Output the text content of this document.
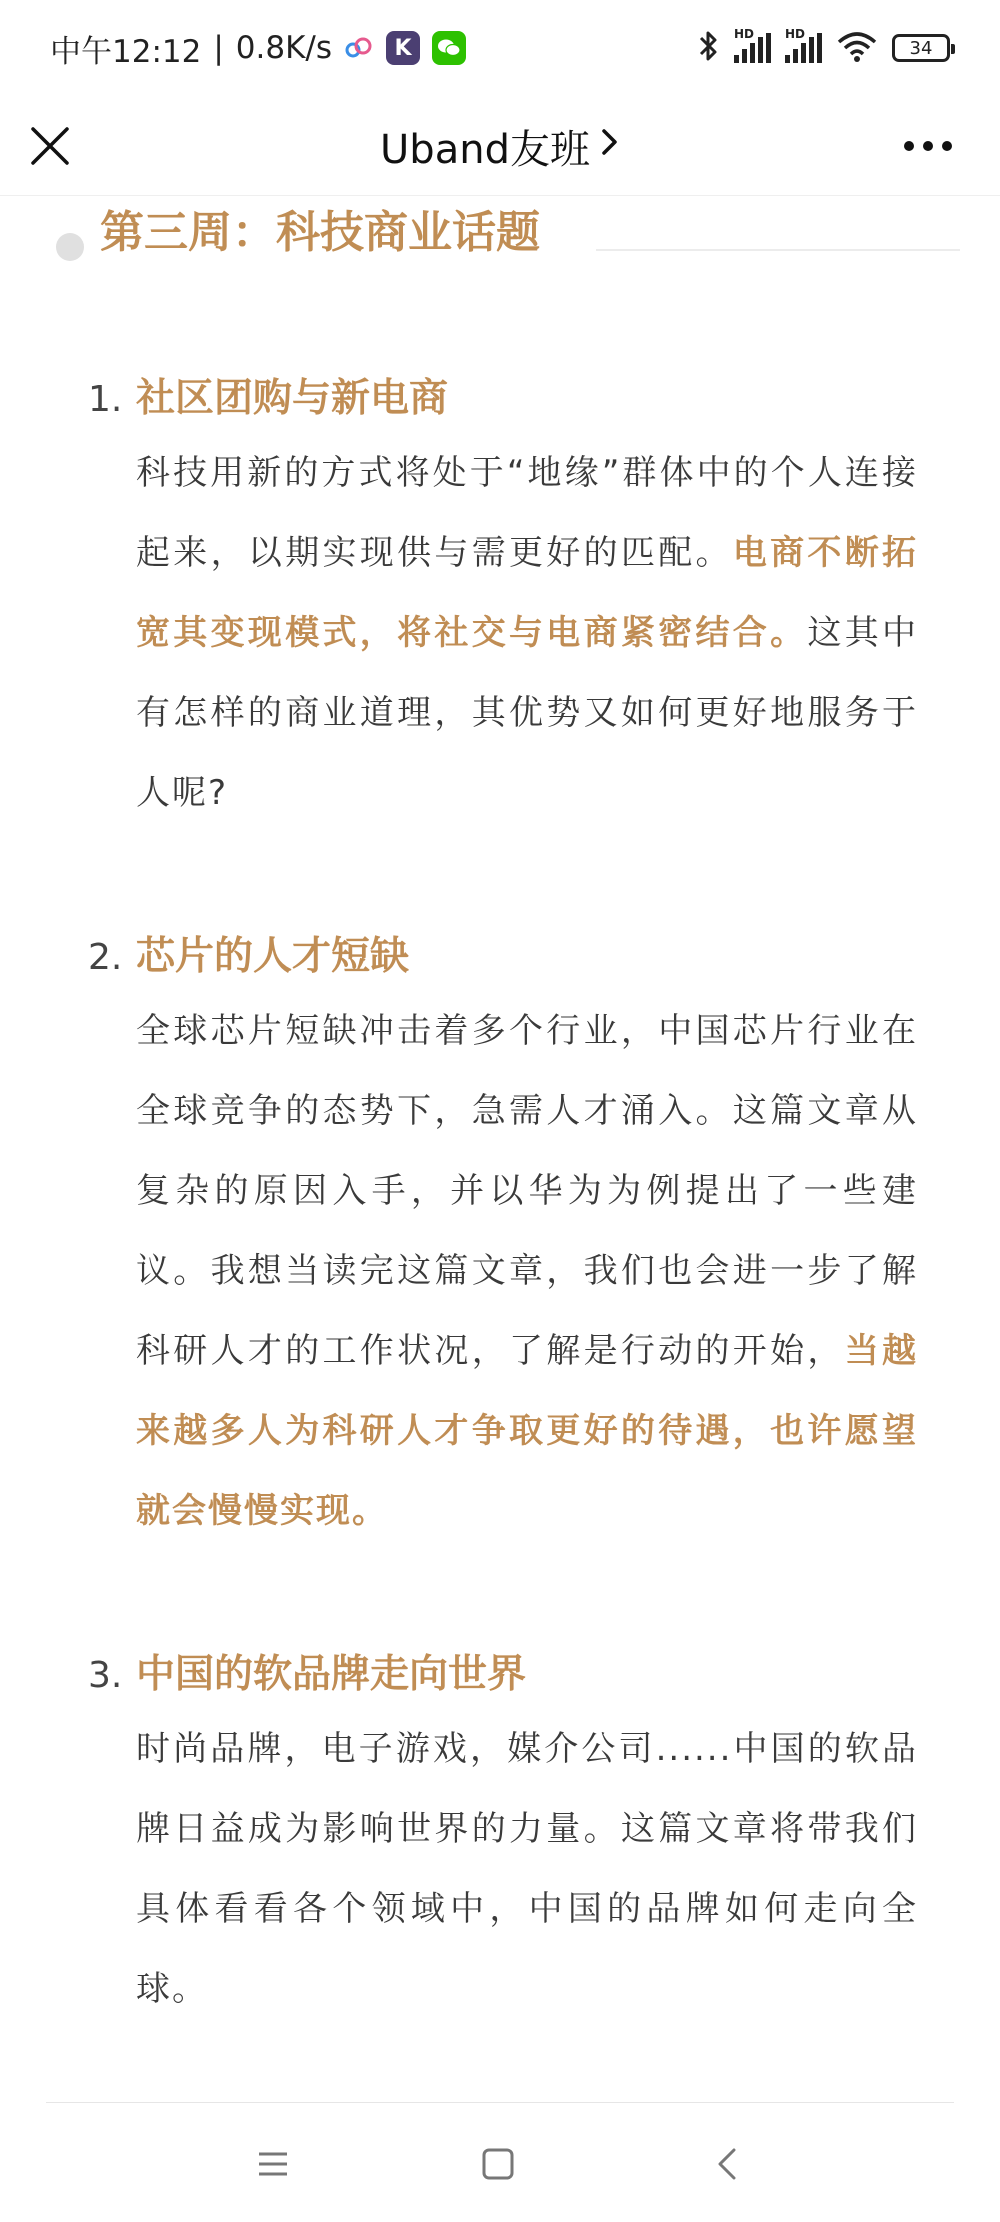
中午12:12 | 0.8K/s	K
HD	HD
34
Uband友班
第三周：科技商业话题
1. 社区团购与新电商
科技用新的方式将处于“地缘”群体中的个人连接起来，以期实现供与需更好的匹配。电商不断拓宽其变现模式，将社交与电商紧密结合。这其中有怎样的商业道理，其优势又如何更好地服务于人呢?
2. 芯片的人才短缺
全球芯片短缺冲击着多个行业，中国芯片行业在全球竞争的态势下，急需人才涌入。这篇文章从复杂的原因入手，并以华为为例提出了一些建议。我想当读完这篇文章，我们也会进一步了解科研人才的工作状况，了解是行动的开始，当越来越多人为科研人才争取更好的待遇，也许愿望就会慢慢实现。
3. 中国的软品牌走向世界
时尚品牌，电子游戏，媒介公司......中国的软品牌日益成为影响世界的力量。这篇文章将带我们具体看看各个领域中，中国的品牌如何走向全球。
